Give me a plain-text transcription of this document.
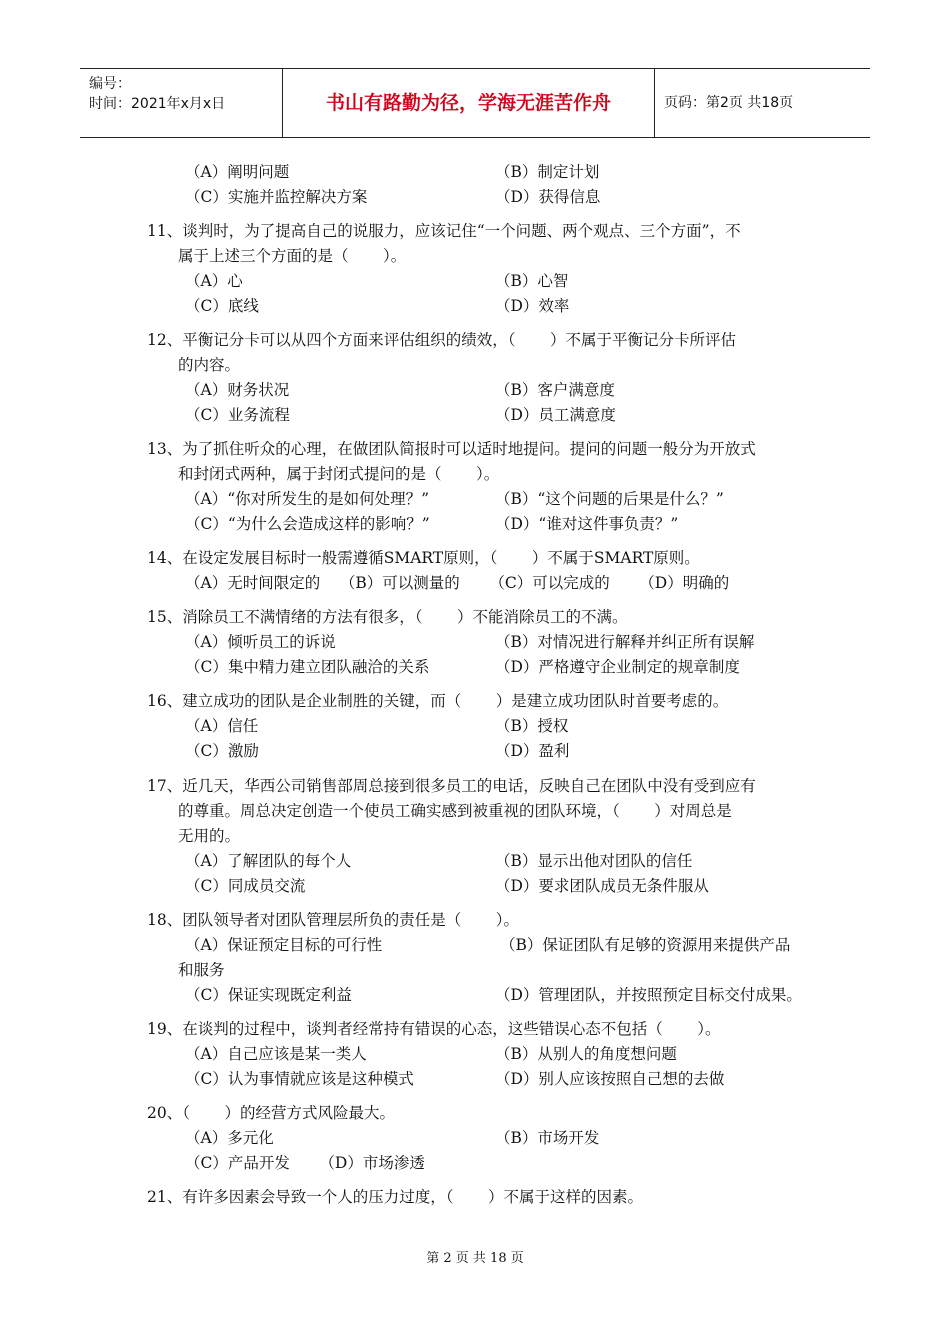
编号：
时间：2021年x月x日	书山有路勤为径，学海无涯苦作舟	页码：第2页 共18页
（A）阐明问题	（B）制定计划
（C）实施并监控解决方案	（D）获得信息
11、谈判时，为了提高自己的说服力，应该记住“一个问题、两个观点、三个方面”，不
属于上述三个方面的是（       ）。
（A）心	（B）心智
（C）底线	（D）效率
12、平衡记分卡可以从四个方面来评估组织的绩效，（       ）不属于平衡记分卡所评估
的内容。
（A）财务状况	（B）客户满意度
（C）业务流程	（D）员工满意度
13、为了抓住听众的心理，在做团队简报时可以适时地提问。提问的问题一般分为开放式
和封闭式两种，属于封闭式提问的是（       ）。
（A）“你对所发生的是如何处理？”	（B）“这个问题的后果是什么？”
（C）“为什么会造成这样的影响？”	（D）“谁对这件事负责？”
14、在设定发展目标时一般需遵循SMART原则，（       ）不属于SMART原则。
（A）无时间限定的    （B）可以测量的      （C）可以完成的      （D）明确的
15、消除员工不满情绪的方法有很多，（       ）不能消除员工的不满。
（A）倾听员工的诉说	（B）对情况进行解释并纠正所有误解
（C）集中精力建立团队融洽的关系	（D）严格遵守企业制定的规章制度
16、建立成功的团队是企业制胜的关键，而（       ）是建立成功团队时首要考虑的。
（A）信任	（B）授权
（C）激励	（D）盈利
17、近几天，华西公司销售部周总接到很多员工的电话，反映自己在团队中没有受到应有
的尊重。周总决定创造一个使员工确实感到被重视的团队环境，（       ）对周总是
无用的。
（A）了解团队的每个人	（B）显示出他对团队的信任
（C）同成员交流	（D）要求团队成员无条件服从
18、团队领导者对团队管理层所负的责任是（       ）。
（A）保证预定目标的可行性	（B）保证团队有足够的资源用来提供产品
和服务
（C）保证实现既定利益	（D）管理团队，并按照预定目标交付成果。
19、在谈判的过程中，谈判者经常持有错误的心态，这些错误心态不包括（       ）。
（A）自己应该是某一类人	（B）从别人的角度想问题
（C）认为事情就应该是这种模式	（D）别人应该按照自己想的去做
20、（       ）的经营方式风险最大。
（A）多元化	（B）市场开发
（C）产品开发      （D）市场渗透
21、有许多因素会导致一个人的压力过度，（       ）不属于这样的因素。
第 2 页 共 18 页
